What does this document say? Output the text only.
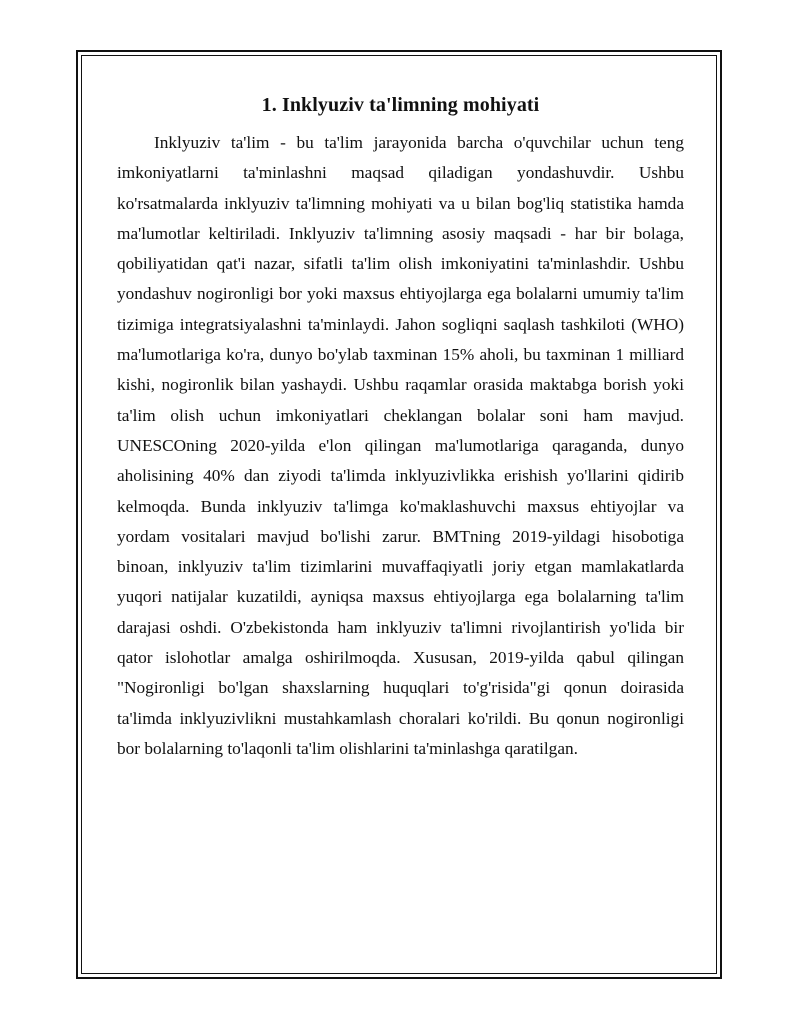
1. Inklyuziv ta'limning mohiyati

Inklyuziv ta'lim - bu ta'lim jarayonida barcha o'quvchilar uchun teng imkoniyatlarni ta'minlashni maqsad qiladigan yondashuvdir. Ushbu ko'rsatmalarda inklyuziv ta'limning mohiyati va u bilan bog'liq statistika hamda ma'lumotlar keltiriladi. Inklyuziv ta'limning asosiy maqsadi - har bir bolaga, qobiliyatidan qat'i nazar, sifatli ta'lim olish imkoniyatini ta'minlashdir. Ushbu yondashuv nogironligi bor yoki maxsus ehtiyojlarga ega bolalarni umumiy ta'lim tizimiga integratsiyalashni ta'minlaydi. Jahon sogliqni saqlash tashkiloti (WHO) ma'lumotlariga ko'ra, dunyo bo'ylab taxminan 15% aholi, bu taxminan 1 milliard kishi, nogironlik bilan yashaydi. Ushbu raqamlar orasida maktabga borish yoki ta'lim olish uchun imkoniyatlari cheklangan bolalar soni ham mavjud. UNESCOning 2020-yilda e'lon qilingan ma'lumotlariga qaraganda, dunyo aholisining 40% dan ziyodi ta'limda inklyuzivlikka erishish yo'llarini qidirib kelmoqda. Bunda inklyuziv ta'limga ko'maklashuvchi maxsus ehtiyojlar va yordam vositalari mavjud bo'lishi zarur. BMTning 2019-yildagi hisobotiga binoan, inklyuziv ta'lim tizimlarini muvaffaqiyatli joriy etgan mamlakatlarda yuqori natijalar kuzatildi, ayniqsa maxsus ehtiyojlarga ega bolalarning ta'lim darajasi oshdi. O'zbekistonda ham inklyuziv ta'limni rivojlantirish yo'lida bir qator islohotlar amalga oshirilmoqda. Xususan, 2019-yilda qabul qilingan "Nogironligi bo'lgan shaxslarning huquqlari to'g'risida"gi qonun doirasida ta'limda inklyuzivlikni mustahkamlash choralari ko'rildi. Bu qonun nogironligi bor bolalarning to'laqonli ta'lim olishlarini ta'minlashga qaratilgan.
